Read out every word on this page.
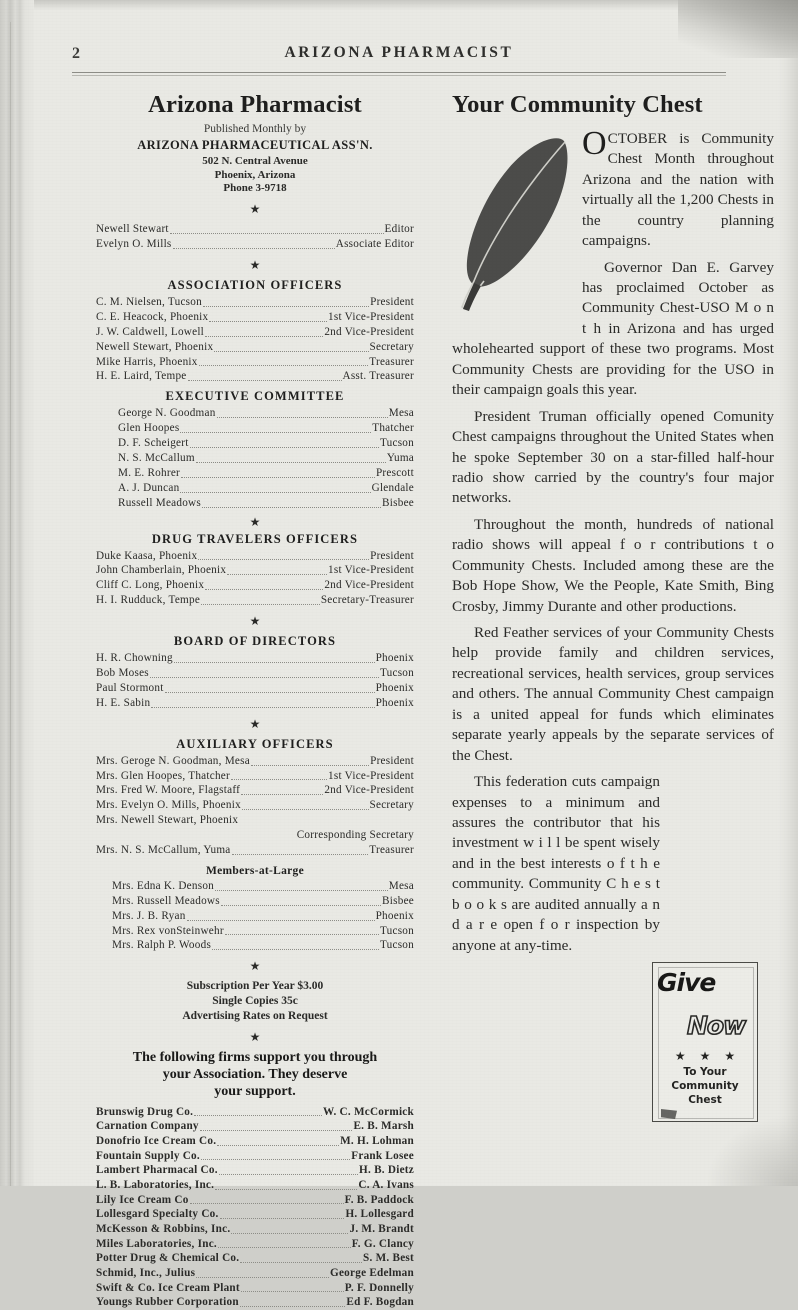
2	ARIZONA PHARMACIST
Arizona Pharmacist
Published Monthly by
ARIZONA PHARMACEUTICAL ASS'N.
502 N. Central Avenue
Phoenix, Arizona
Phone 3-9718
★
Newell Stewart	Editor
Evelyn O. Mills	Associate Editor
★
ASSOCIATION OFFICERS
C. M. Nielsen, Tucson	President
C. E. Heacock, Phoenix	1st Vice-President
J. W. Caldwell, Lowell	2nd Vice-President
Newell Stewart, Phoenix	Secretary
Mike Harris, Phoenix	Treasurer
H. E. Laird, Tempe	Asst. Treasurer
EXECUTIVE COMMITTEE
George N. Goodman	Mesa
Glen Hoopes	Thatcher
D. F. Scheigert	Tucson
N. S. McCallum	Yuma
M. E. Rohrer	Prescott
A. J. Duncan	Glendale
Russell Meadows	Bisbee
★
DRUG TRAVELERS OFFICERS
Duke Kaasa, Phoenix	President
John Chamberlain, Phoenix	1st Vice-President
Cliff C. Long, Phoenix	2nd Vice-President
H. I. Rudduck, Tempe	Secretary-Treasurer
★
BOARD OF DIRECTORS
H. R. Chowning	Phoenix
Bob Moses	Tucson
Paul Stormont	Phoenix
H. E. Sabin	Phoenix
★
AUXILIARY OFFICERS
Mrs. Geroge N. Goodman, Mesa	President
Mrs. Glen Hoopes, Thatcher	1st Vice-President
Mrs. Fred W. Moore, Flagstaff	2nd Vice-President
Mrs. Evelyn O. Mills, Phoenix	Secretary
Mrs. Newell Stewart, Phoenix
Corresponding Secretary
Mrs. N. S. McCallum, Yuma	Treasurer
Members-at-Large
Mrs. Edna K. Denson	Mesa
Mrs. Russell Meadows	Bisbee
Mrs. J. B. Ryan	Phoenix
Mrs. Rex vonSteinwehr	Tucson
Mrs. Ralph P. Woods	Tucson
★
Subscription Per Year $3.00
Single Copies 35c
Advertising Rates on Request
★
The following firms support you through
your Association. They deserve
your support.
Brunswig Drug Co.	W. C. McCormick
Carnation Company	E. B. Marsh
Donofrio Ice Cream Co.	M. H. Lohman
Fountain Supply Co.	Frank Losee
Lambert Pharmacal Co.	H. B. Dietz
L. B. Laboratories, Inc.	C. A. Ivans
Lily Ice Cream Co	F. B. Paddock
Lollesgard Specialty Co.	H. Lollesgard
McKesson & Robbins, Inc.	J. M. Brandt
Miles Laboratories, Inc.	F. G. Clancy
Potter Drug & Chemical Co.	S. M. Best
Schmid, Inc., Julius	George Edelman
Swift & Co. Ice Cream Plant	P. F. Donnelly
Youngs Rubber Corporation	Ed F. Bogdan
Your Community Chest
OCTOBER is Community Chest Month throughout Arizona and the nation with virtually all the 1,200 Chests in the country planning campaigns.
Governor Dan E. Garvey has proclaimed October as Community Chest-USO M o n t h in Arizona and has urged wholehearted support of these two programs. Most Community Chests are providing for the USO in their campaign goals this year.
President Truman officially opened Comunity Chest campaigns throughout the United States when he spoke September 30 on a star-filled half-hour radio show carried by the country's four major networks.
Throughout the month, hundreds of national radio shows will appeal f o r contributions t o Community Chests. Included among these are the Bob Hope Show, We the People, Kate Smith, Bing Crosby, Jimmy Durante and other productions.
Red Feather services of your Community Chests help provide family and children services, recreational services, health services, group services and others. The annual Community Chest campaign is a united appeal for funds which eliminates separate yearly appeals by the separate services of the Chest.
This federation cuts campaign expenses to a minimum and assures the contributor that his investment w i l l be spent wisely and in the best interests o f t h e community. Community C h e s t b o o k s are audited annually a n d a r e open f o r inspection by anyone at any-time.
Give
Now
★★★
To Your
Community
Chest
